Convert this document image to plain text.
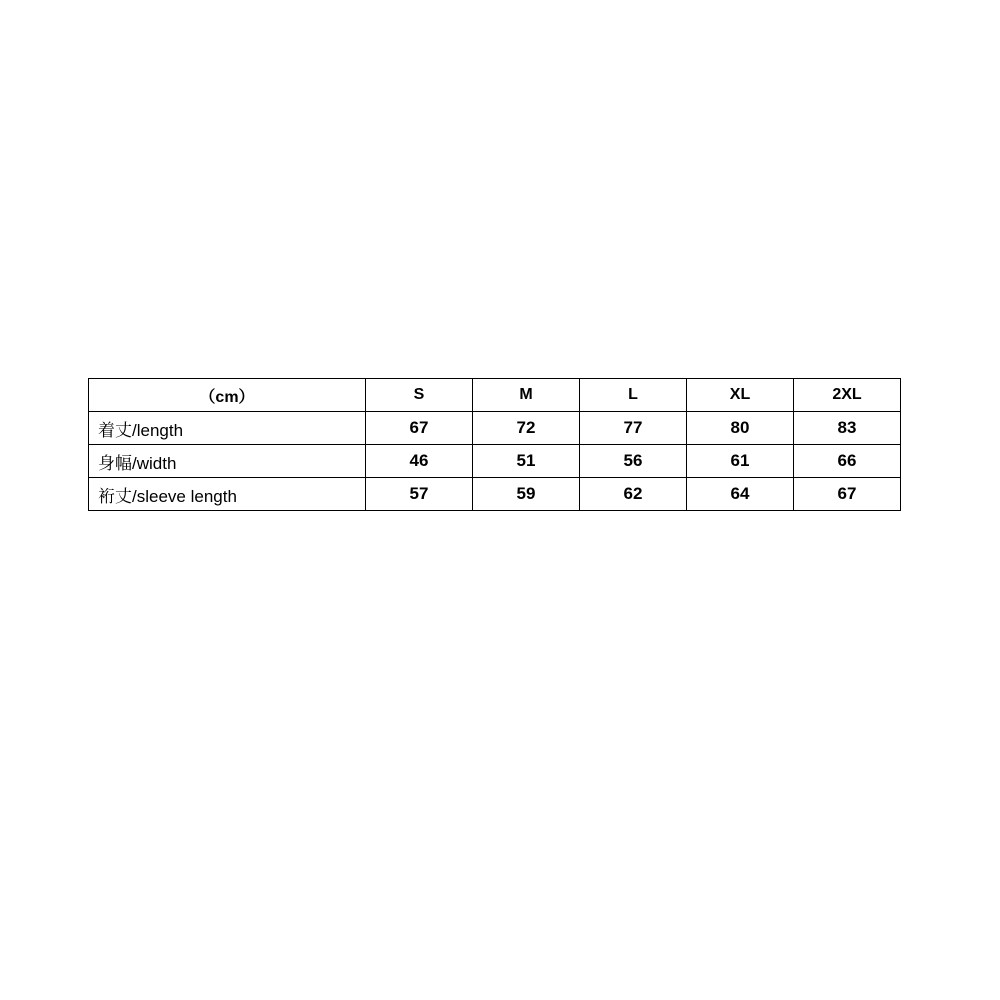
（cm）	S	M	L	XL	2XL
着丈/length	67	72	77	80	83
身幅/width	46	51	56	61	66
裄丈/sleeve length	57	59	62	64	67
